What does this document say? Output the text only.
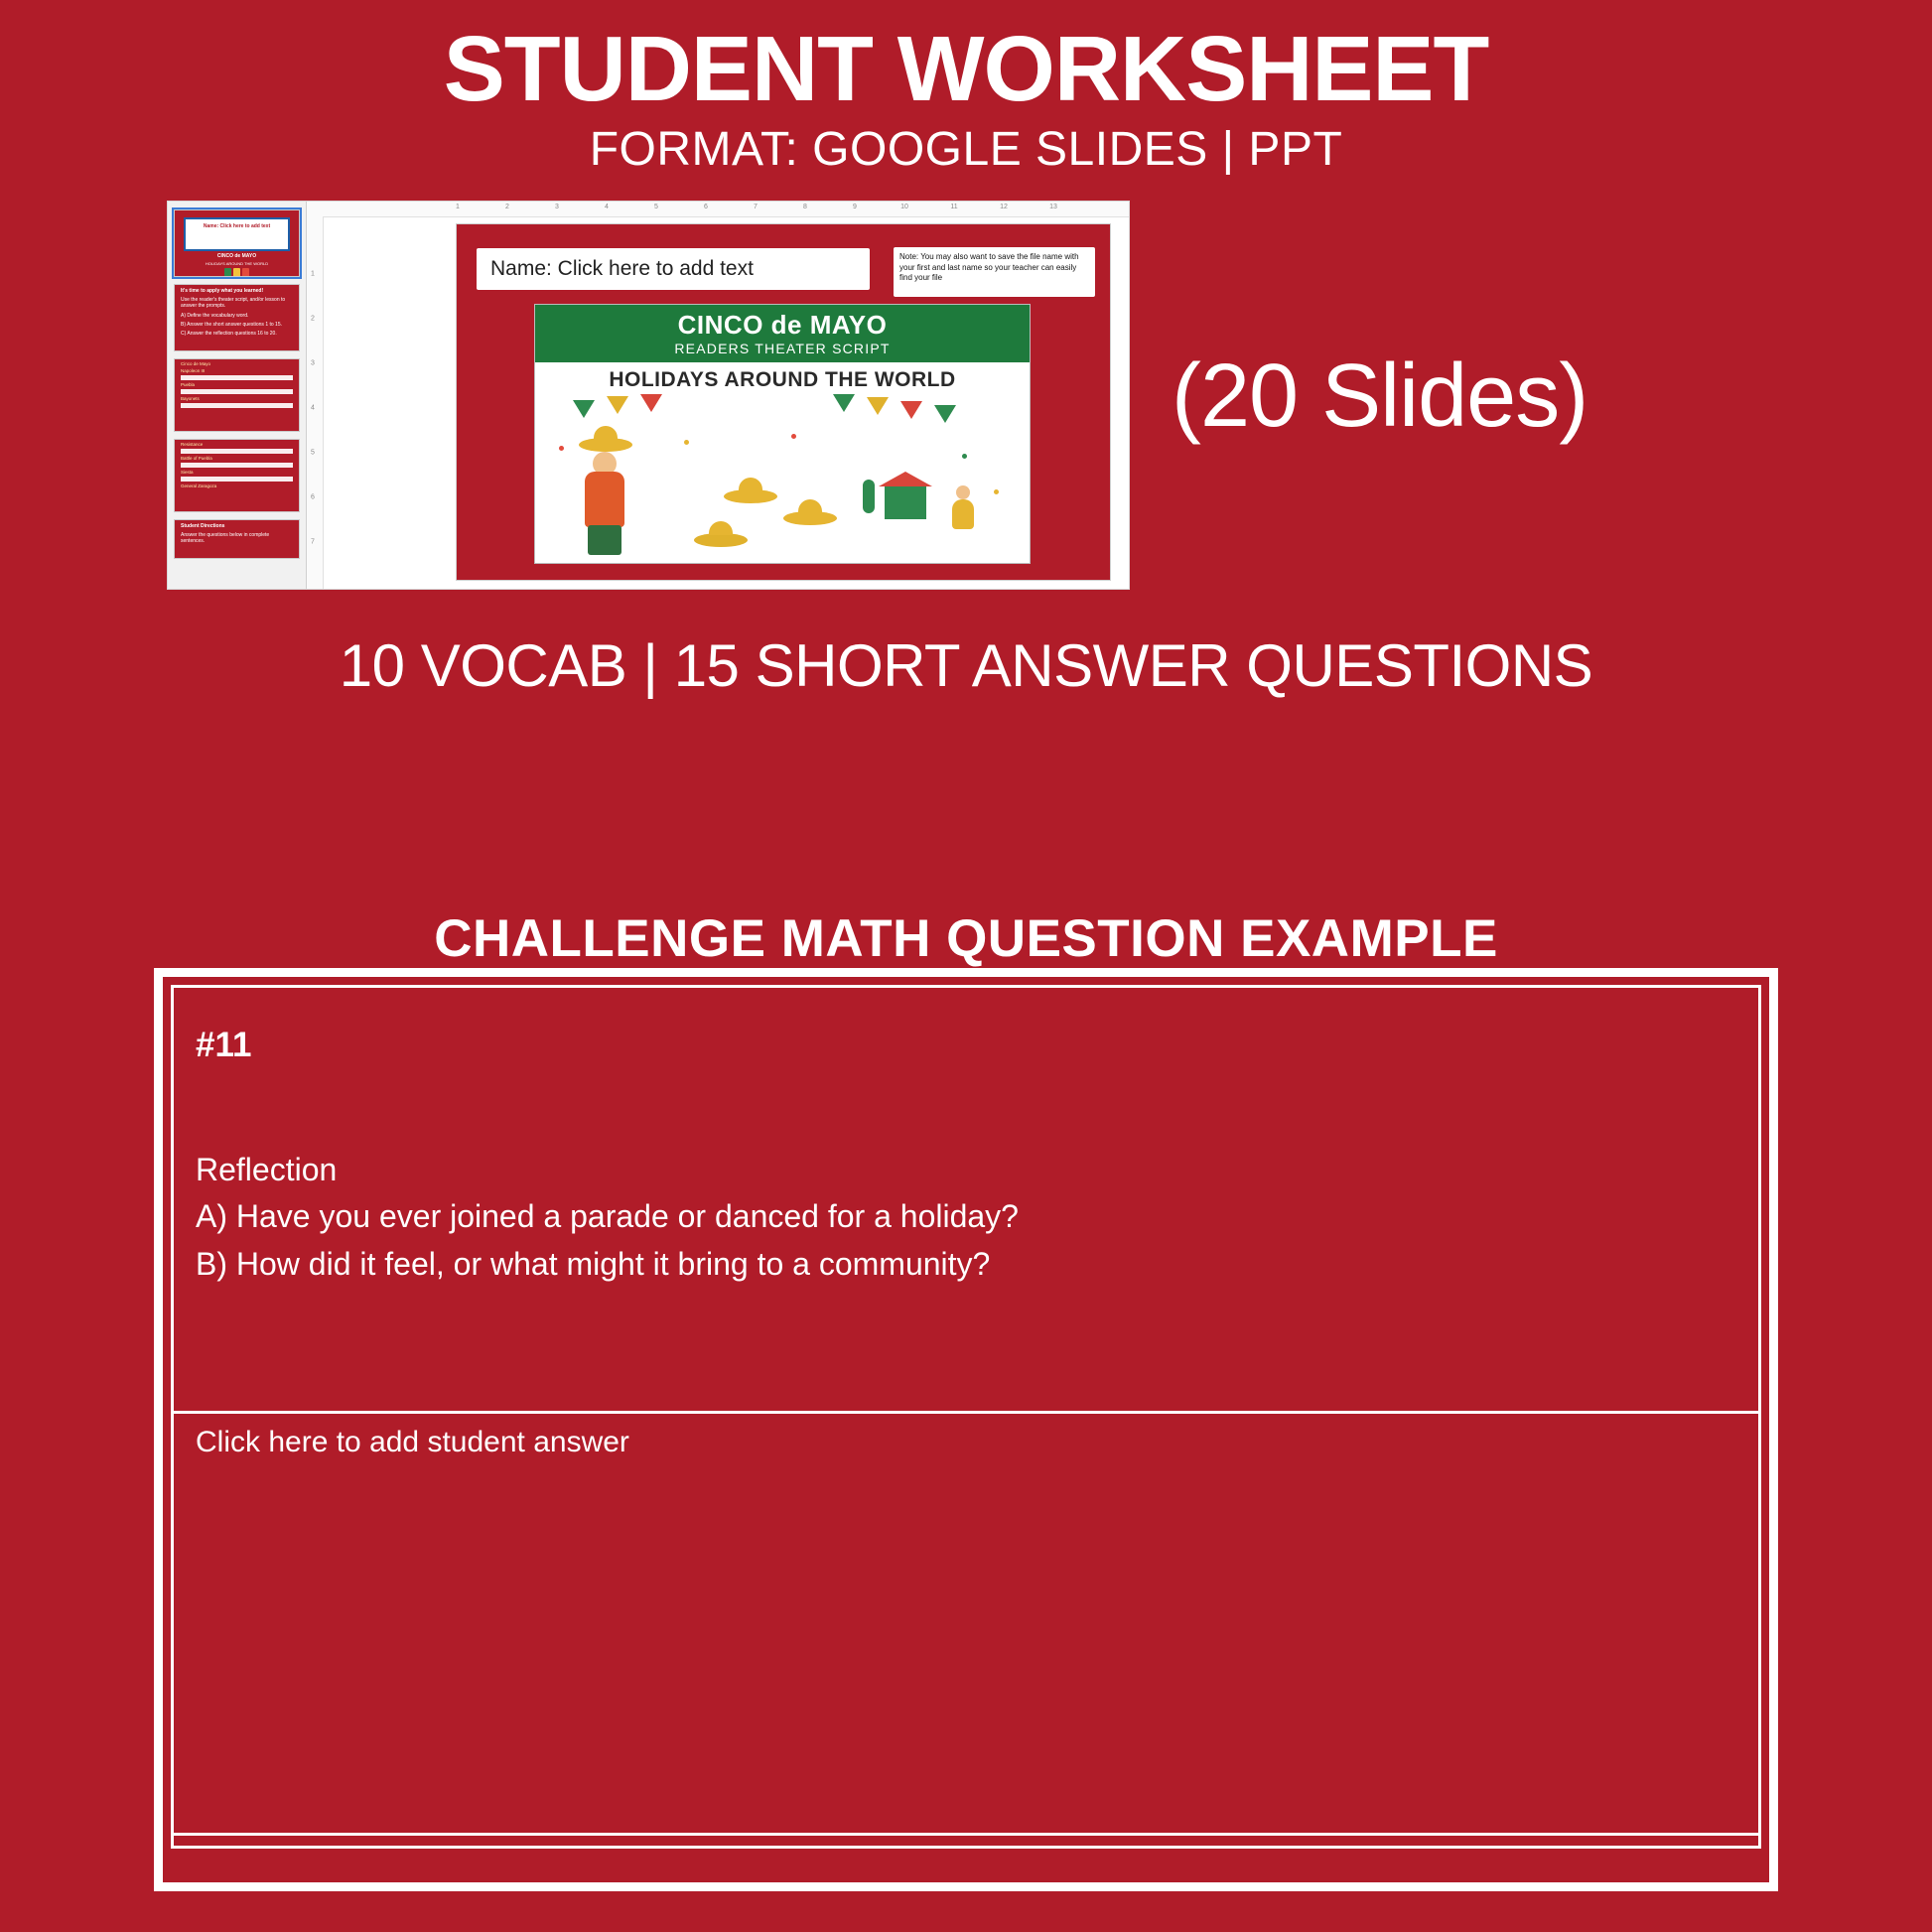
STUDENT WORKSHEET
FORMAT: GOOGLE SLIDES | PPT
Name: Click here to add text
CINCO de MAYO
HOLIDAYS AROUND THE WORLD
It's time to apply what you learned!
Use the reader's theater script, and/or lesson to answer the prompts.
A) Define the vocabulary word.
B) Answer the short answer questions 1 to 15.
C) Answer the reflection questions 16 to 20.
Cinco de Mayo
Napoleon III
Puebla
Bayonets
Resistance
Battle of Puebla
Siesta
General Zaragoza
Student Directions
Answer the questions below in complete sentences.
1	2	3	4	5	6	7	8	9	10	11	12	13
1
2
3
4
5
6
7
Name: Click here to add text
Note: You may also want to save the file name with your first and last name so your teacher can easily find your file
CINCO de MAYO
READERS THEATER SCRIPT
HOLIDAYS AROUND THE WORLD	(20 Slides)
10 VOCAB | 15 SHORT ANSWER QUESTIONS
CHALLENGE MATH QUESTION EXAMPLE
#11
Reflection
A) Have you ever joined a parade or danced for a holiday?
B) How did it feel, or what might it bring to a community?
Click here to add student answer
